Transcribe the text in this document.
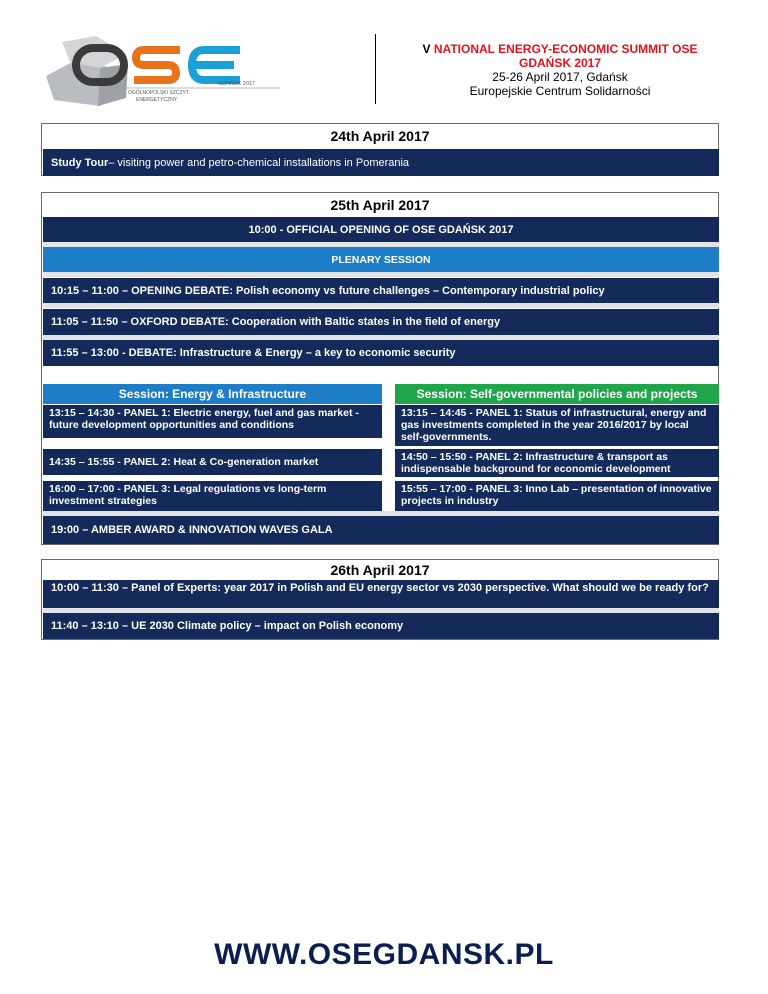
OGÓLNOPOLSKI SZCZYT
ENERGETYCZNY
GDAŃSK 2017
V NATIONAL ENERGY-ECONOMIC SUMMIT OSE
GDAŃSK 2017
25-26 April 2017, Gdańsk
Europejskie Centrum Solidarności
24th April 2017
Study Tour – visiting power and petro-chemical installations in Pomerania
25th April 2017
10:00 - OFFICIAL OPENING OF OSE GDAŃSK 2017
PLENARY SESSION
10:15 – 11:00 – OPENING DEBATE: Polish economy vs future challenges – Contemporary industrial policy
11:05 – 11:50 – OXFORD DEBATE: Cooperation with Baltic states in the field of energy
11:55 – 13:00 - DEBATE: Infrastructure & Energy – a key to economic security
Session: Energy & Infrastructure	Session: Self-governmental policies and projects
13:15 – 14:30 - PANEL 1: Electric energy, fuel and gas market - future development opportunities and conditions
13:15 – 14:45 - PANEL 1: Status of infrastructural, energy and gas investments completed in the year 2016/2017 by local self-governments.
14:35 – 15:55 - PANEL 2: Heat & Co-generation market	14:50 – 15:50 - PANEL 2: Infrastructure & transport as indispensable background for economic development
16:00 – 17:00 - PANEL 3: Legal regulations vs long-term investment strategies
15:55 – 17:00 - PANEL 3: Inno Lab – presentation of innovative projects in industry
19:00 – AMBER AWARD & INNOVATION WAVES GALA
26th April 2017
10:00 – 11:30 – Panel of Experts: year 2017 in Polish and EU energy sector vs 2030 perspective. What should we be ready for?
11:40 – 13:10 – UE 2030 Climate policy – impact on Polish economy
WWW.OSEGDANSK.PL
